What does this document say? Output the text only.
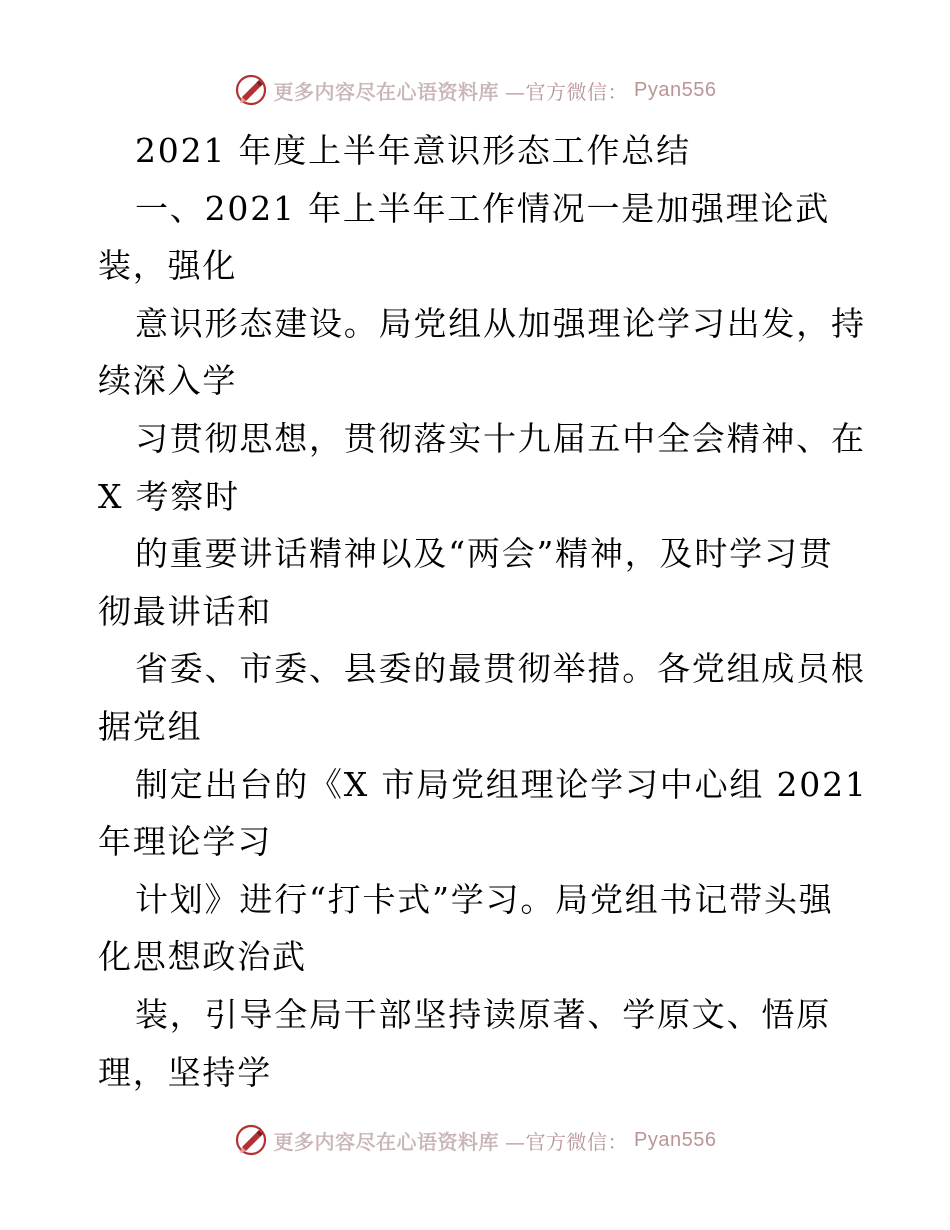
更多内容尽在心语资料库 —官方微信： Pyan556
2021 年度上半年意识形态工作总结
一、2021 年上半年工作情况一是加强理论武
装，强化
意识形态建设。局党组从加强理论学习出发，持
续深入学
习贯彻思想，贯彻落实十九届五中全会精神、在
X 考察时
的重要讲话精神以及“两会”精神，及时学习贯
彻最讲话和
省委、市委、县委的最贯彻举措。各党组成员根
据党组
制定出台的《X 市局党组理论学习中心组 2021
年理论学习
计划》进行“打卡式”学习。局党组书记带头强
化思想政治武
装，引导全局干部坚持读原著、学原文、悟原
理，坚持学
更多内容尽在心语资料库 —官方微信： Pyan556
